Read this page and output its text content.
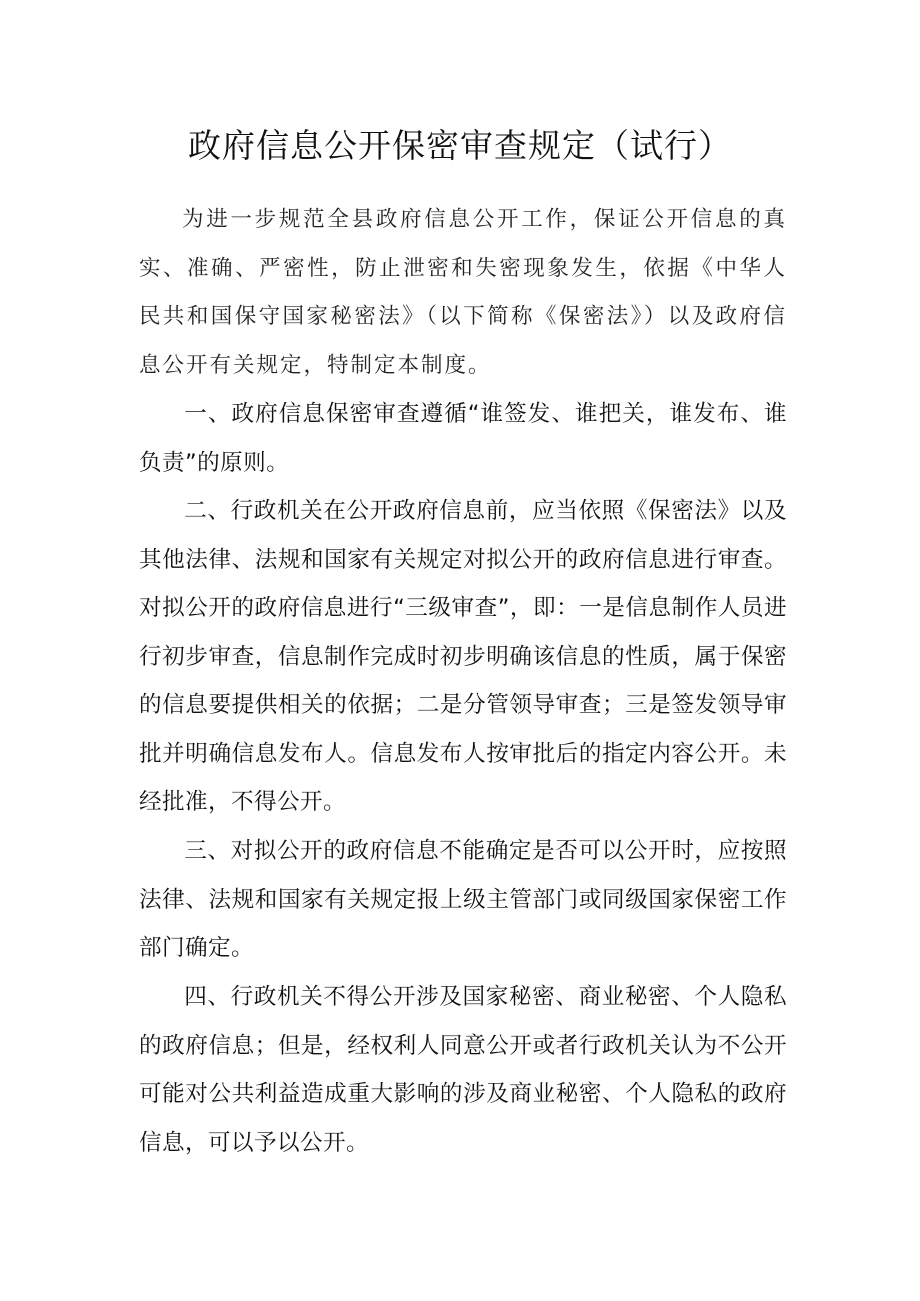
政府信息公开保密审查规定（试行）

为进一步规范全县政府信息公开工作，保证公开信息的真实、准确、严密性，防止泄密和失密现象发生，依据《中华人民共和国保守国家秘密法》（以下简称《保密法》）以及政府信息公开有关规定，特制定本制度。

一、政府信息保密审查遵循“谁签发、谁把关，谁发布、谁负责”的原则。

二、行政机关在公开政府信息前，应当依照《保密法》以及其他法律、法规和国家有关规定对拟公开的政府信息进行审查。对拟公开的政府信息进行“三级审查”，即：一是信息制作人员进行初步审查，信息制作完成时初步明确该信息的性质，属于保密的信息要提供相关的依据；二是分管领导审查；三是签发领导审批并明确信息发布人。信息发布人按审批后的指定内容公开。未经批准，不得公开。

三、对拟公开的政府信息不能确定是否可以公开时，应按照法律、法规和国家有关规定报上级主管部门或同级国家保密工作部门确定。

四、行政机关不得公开涉及国家秘密、商业秘密、个人隐私的政府信息；但是，经权利人同意公开或者行政机关认为不公开可能对公共利益造成重大影响的涉及商业秘密、个人隐私的政府信息，可以予以公开。
